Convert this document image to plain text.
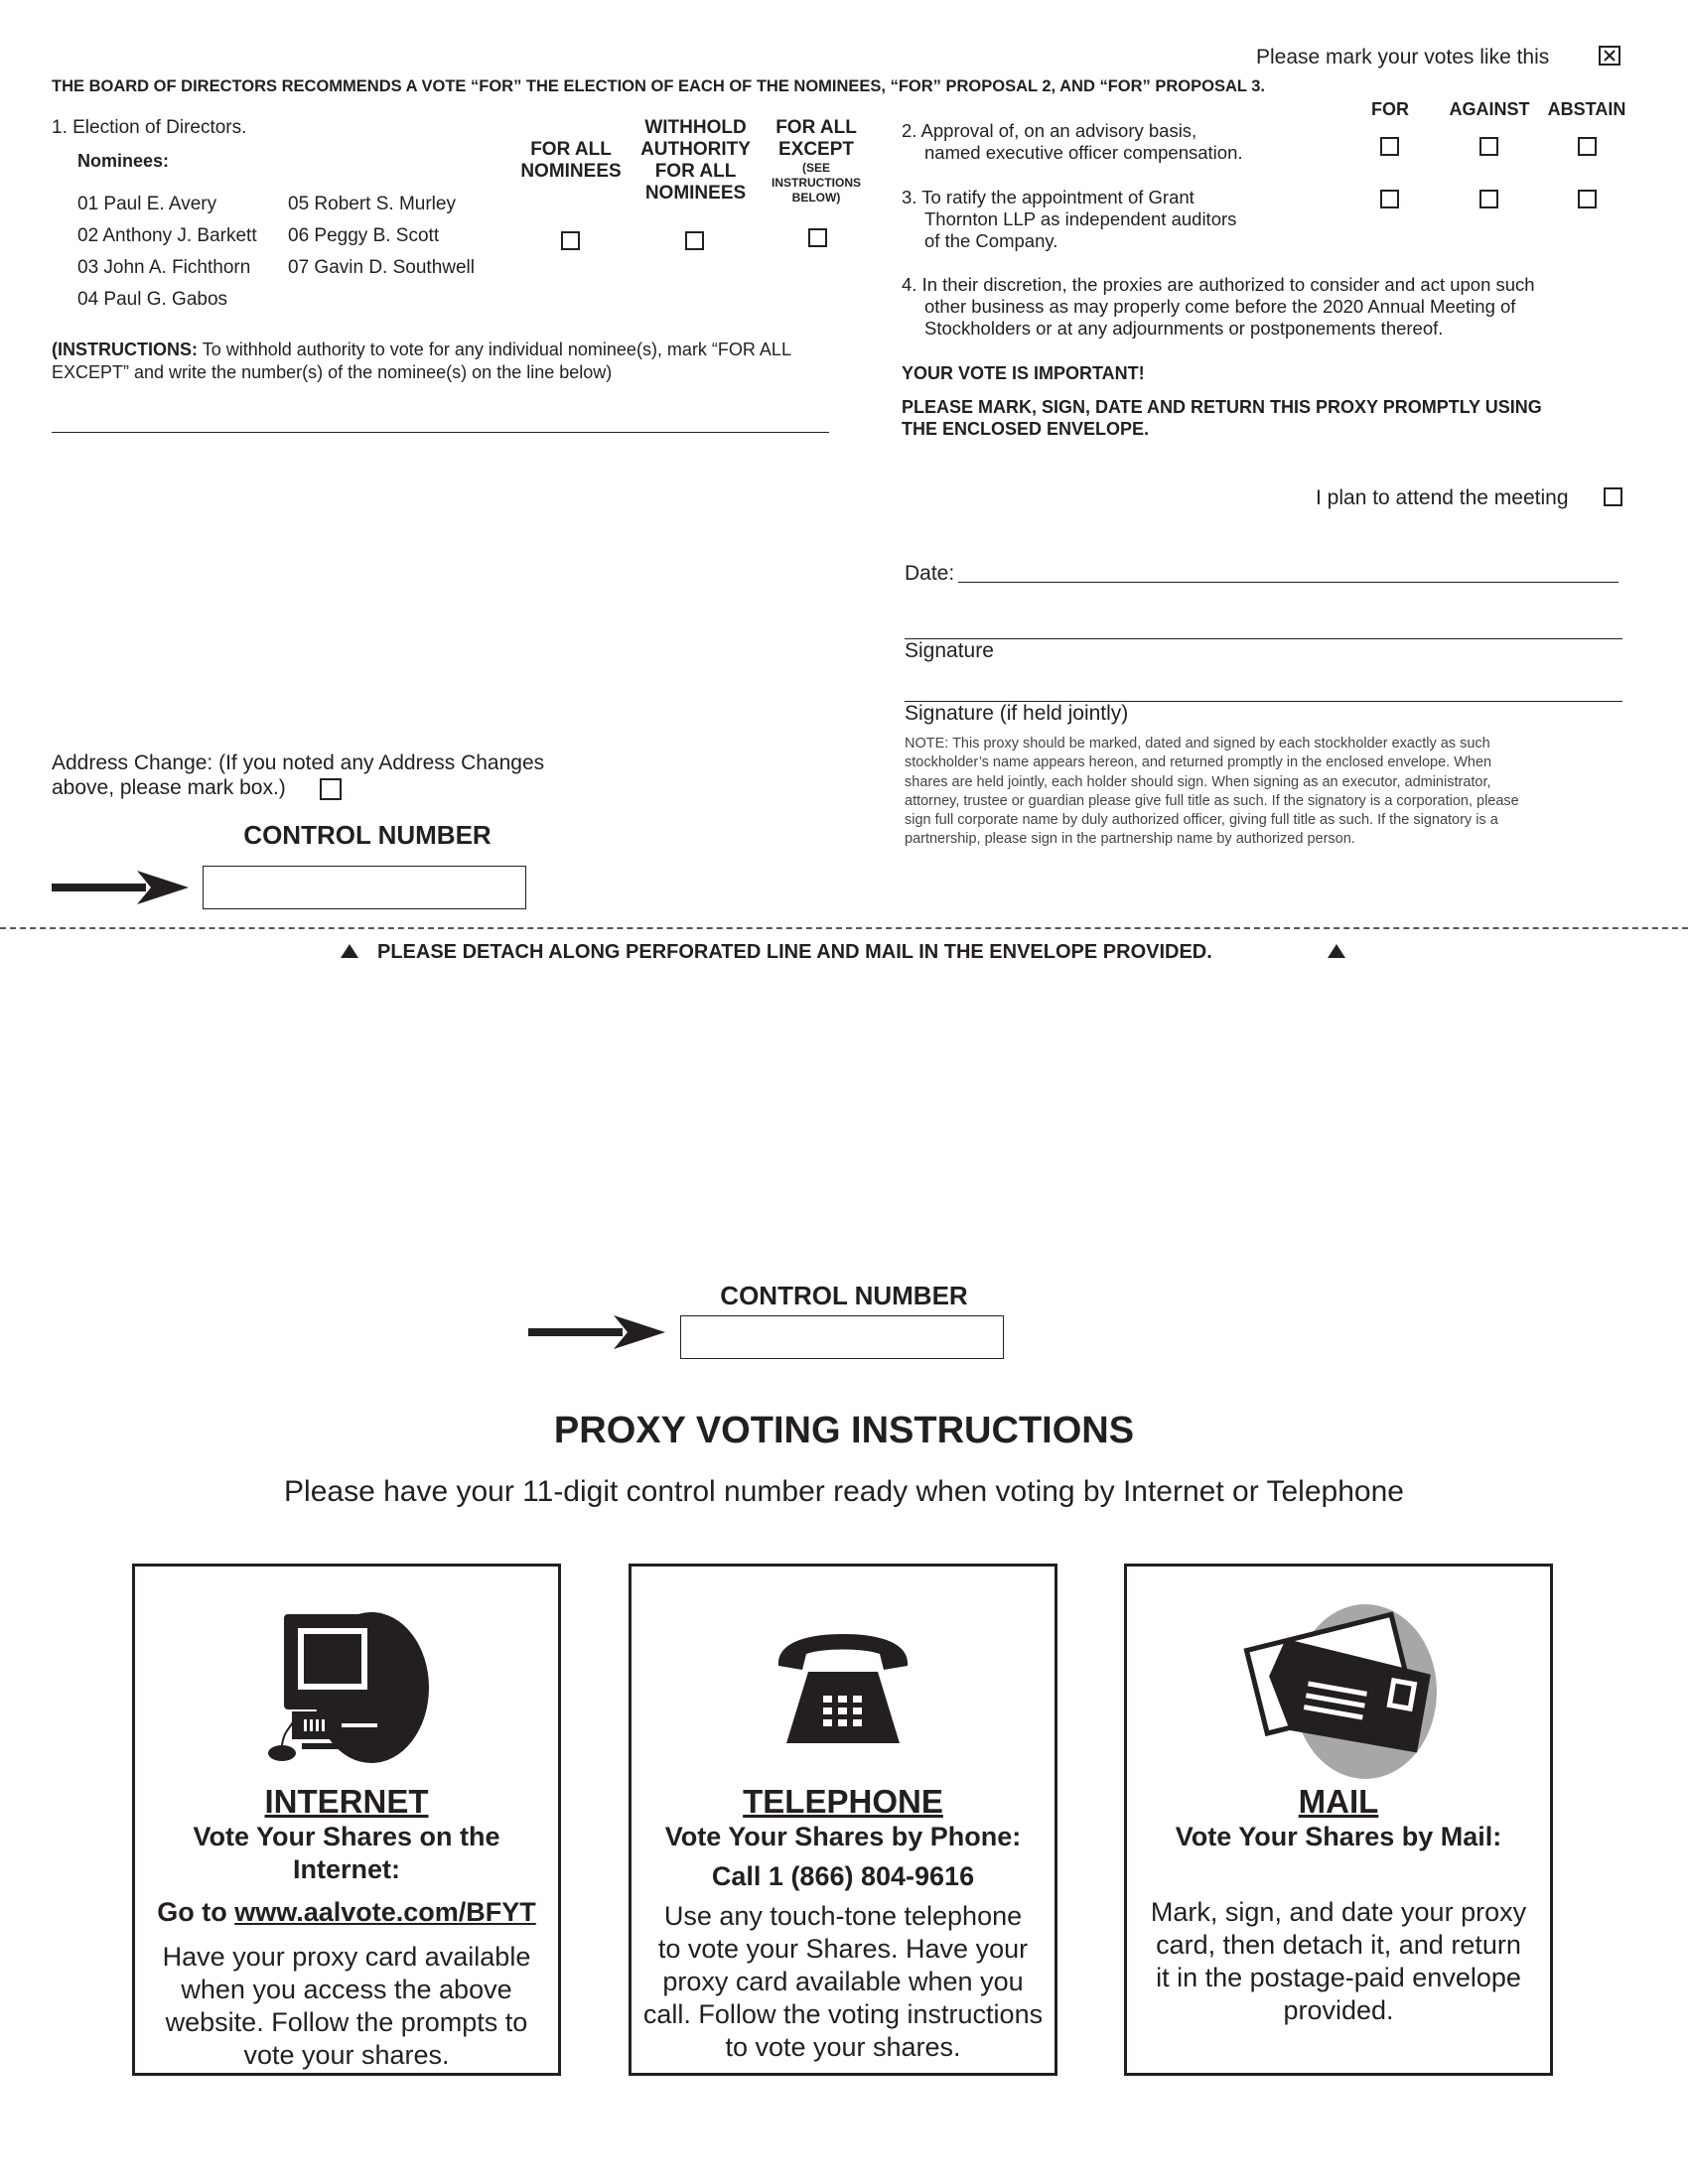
Please mark your votes like this
THE BOARD OF DIRECTORS RECOMMENDS A VOTE “FOR” THE ELECTION OF EACH OF THE NOMINEES, “FOR” PROPOSAL 2, AND “FOR” PROPOSAL 3.
1. Election of Directors.
Nominees:
01 Paul E. Avery
02 Anthony J. Barkett
03 John A. Fichthorn
04 Paul G. Gabos
05 Robert S. Murley
06 Peggy B. Scott
07 Gavin D. Southwell
FOR ALL
NOMINEES
WITHHOLD
AUTHORITY
FOR ALL
NOMINEES
FOR ALL
EXCEPT
(SEE
INSTRUCTIONS
BELOW)
(INSTRUCTIONS: To withhold authority to vote for any individual nominee(s), mark “FOR ALL
EXCEPT” and write the number(s) of the nominee(s) on the line below)
FOR	AGAINST	ABSTAIN
2. Approval of, on an advisory basis,
named executive officer compensation.
3. To ratify the appointment of Grant
Thornton LLP as independent auditors
of the Company.
4. In their discretion, the proxies are authorized to consider and act upon such
other business as may properly come before the 2020 Annual Meeting of
Stockholders or at any adjournments or postponements thereof.
YOUR VOTE IS IMPORTANT!
PLEASE MARK, SIGN, DATE AND RETURN THIS PROXY PROMPTLY USING
THE ENCLOSED ENVELOPE.
I plan to attend the meeting
Date:
Signature
Signature (if held jointly)
NOTE: This proxy should be marked, dated and signed by each stockholder exactly as such
stockholder’s name appears hereon, and returned promptly in the enclosed envelope. When
shares are held jointly, each holder should sign. When signing as an executor, administrator,
attorney, trustee or guardian please give full title as such. If the signatory is a corporation, please
sign full corporate name by duly authorized officer, giving full title as such. If the signatory is a
partnership, please sign in the partnership name by authorized person.
Address Change: (If you noted any Address Changes
above, please mark box.)
CONTROL NUMBER
PLEASE DETACH ALONG PERFORATED LINE AND MAIL IN THE ENVELOPE PROVIDED.
CONTROL NUMBER
PROXY VOTING INSTRUCTIONS
Please have your 11-digit control number ready when voting by Internet or Telephone
INTERNET
Vote Your Shares on the
Internet:
Go to www.aalvote.com/BFYT
Have your proxy card available
when you access the above
website. Follow the prompts to
vote your shares.
TELEPHONE
Vote Your Shares by Phone:
Call 1 (866) 804-9616
Use any touch-tone telephone
to vote your Shares. Have your
proxy card available when you
call. Follow the voting instructions
to vote your shares.
MAIL
Vote Your Shares by Mail:
Mark, sign, and date your proxy
card, then detach it, and return
it in the postage-paid envelope
provided.
